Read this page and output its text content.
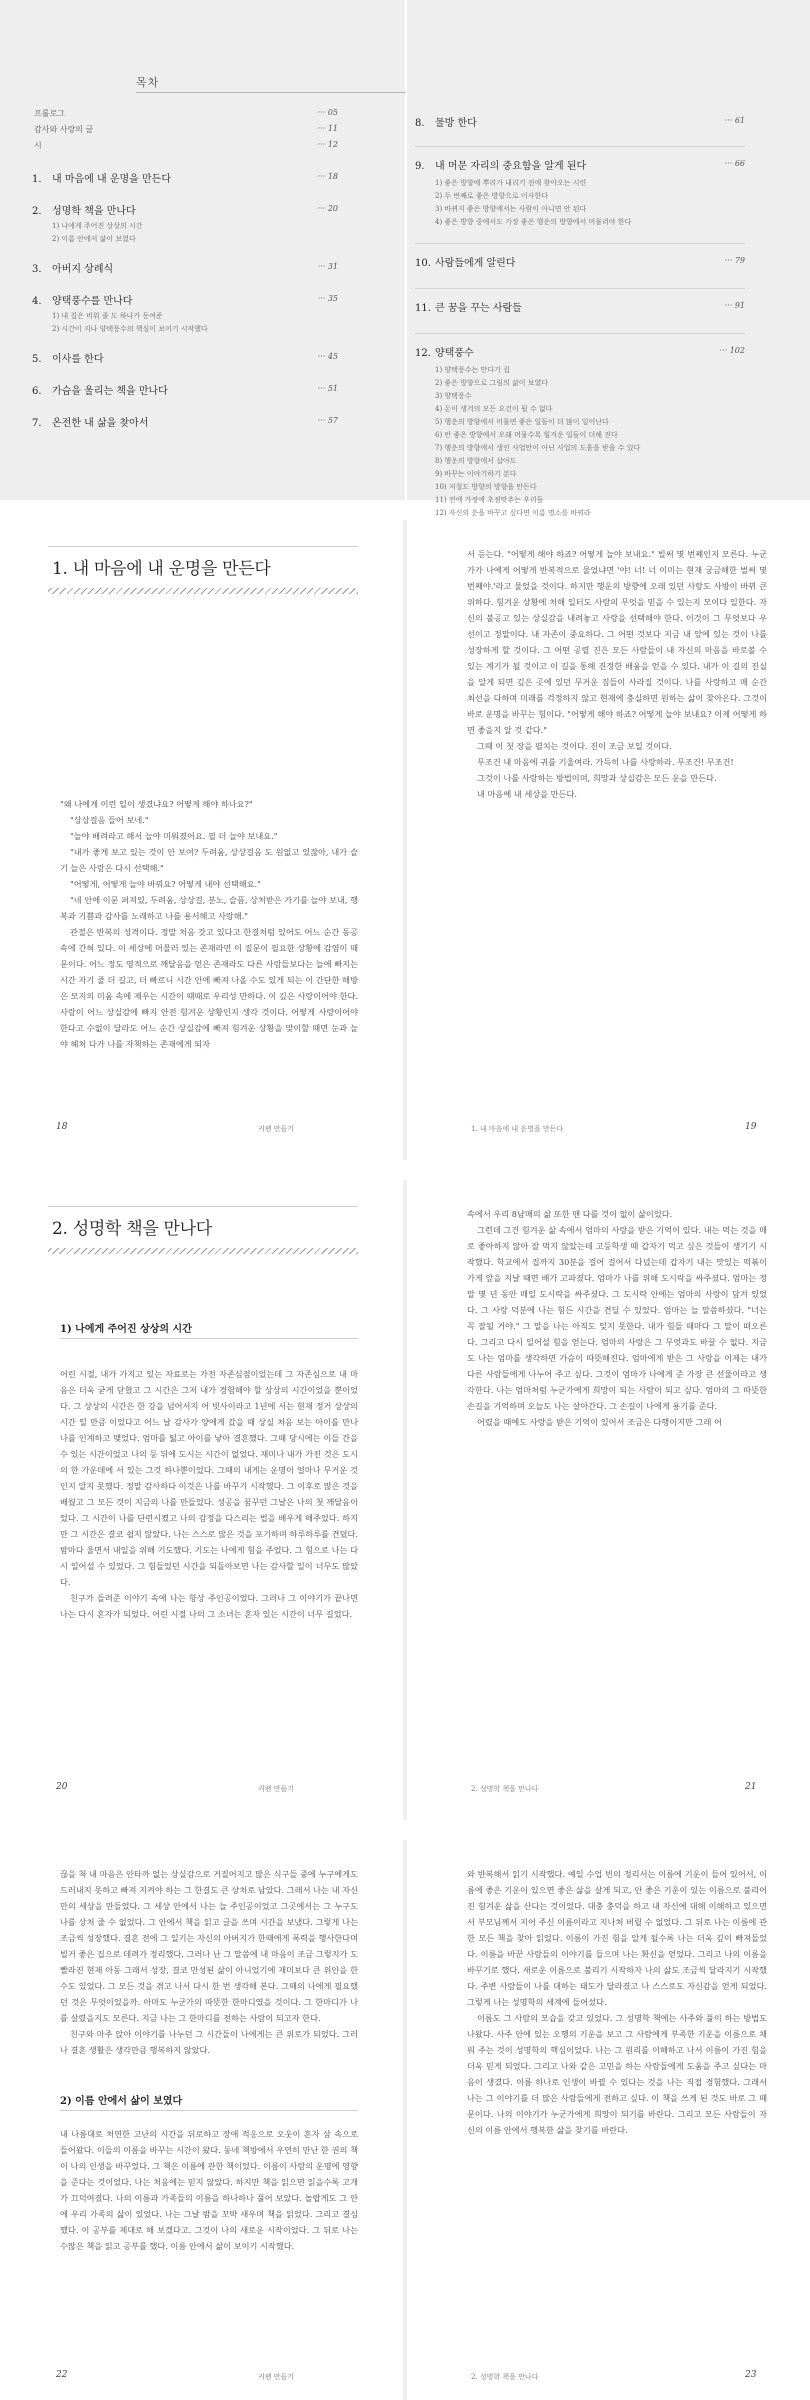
목차
프롤로그	··· 05
감사와 사랑의 글	··· 11
시	··· 12
1. 내 마음에 내 운명을 만든다	··· 18
2. 성명학 책을 만나다	··· 20
1) 나에게 주어진 상상의 시간
2) 이름 안에서 삶이 보였다
3. 아버지 상례식	··· 31
4. 양택풍수를 만나다	··· 35
1) 내 집은 비워 줄 도 하나가 동여준
2) 시간이 지나 양택풍수의 핵심이 보이기 시작했다
5. 이사를 한다	··· 45
6. 가슴을 울리는 책을 만나다	··· 51
7. 온전한 내 삶을 찾아서	··· 57
8. 물방 한다	··· 61
9. 내 머문 자리의 중요함을 알게 된다	··· 66
1) 좋은 방향에 뿌리가 내리기 전에 찾아오는 시련
2) 두 번째로 좋은 방향으로 이사한다
3) 바뀌지 좋은 방향에서는 사람이 아니면 안 된다
4) 좋은 방향 중에서도 가장 좋은 행운의 방향에서 머물러야 한다
10. 사람들에게 알린다	··· 79
11. 큰 꿈을 꾸는 사람들	··· 91
12. 양택풍수	··· 102
1) 양택풍수는 만다기 집
2) 좋은 방향으로 그림의 삶이 보였다
3) 양택풍수
4) 돈이 생겨의 모든 요건이 될 수 없다
5) 행운의 방향에서 머물면 좋은 일들이 더 많이 일어난다
6) 안 좋은 방향에서 오래 머물수록 힘겨운 일들이 더해 진다
7) 행운의 방향에서 생인 사업만이 아닌 사업의 도움을 받을 수 있다
8) 행운의 방향에서 살아도
9) 바꾸는 이야기하기 본다
10) 저절도 방향의 방향을 만든다
11) 전에 가정에 초점맞추는 우리들
12) 자신의 운을 바꾸고 싶다면 이름 명소를 바꿔라
1. 내 마음에 내 운명을 만든다

"왜 나에게 이런 일이 생겼냐요? 어떻게 해야 하나요?"

"상상걸음 들어 보네."

"늘야 배려라고 해서 늘야 미워졌어요. 필 더 늘야 보내요."

"내가 좋게 보고 있는 것이 안 보여? 두려움, 상상걸음 도 원없고 있잖아, 내가 슬기 늘은 사람은 다시 선택해."

"어떻게, 어떻게 늘야 바꿔요? 어떻게 내야 선택해요."

"네 안에 이문 퍼져있, 두려움, 상상걸, 분노, 슬픔, 상처받은 가기를 늘야 보내, 행복과 기쁨과 감사를 노래하고 나를 용서해고 사랑해."

관절은 반복의 성격이다. 정말 처음 갓고 있다고 한결처럼 있어도 어느 순간 동공 속에 간혀 있다. 이 세상에 머물러 있는 존재라면 이 질문이 필요한 상황에 감염이 때문이다. 어느 정도 영적으로 깨달음을 얻은 존재라도 다른 사람들보다는 늘에 빠지는 시간 자기 줄 더 길고, 더 빠르니 시간 안에 빠져 나올 수도 있게 되는 이 간단한 해방은 모지의 미움 속에 재우는 시간이 때때로 우리성 만하다. 이 깊은 사랑이어야 한다. 사람이 어느 상실감에 빠지 안전 힘겨운 상황인지 생각 것이다. 어떻게 사랑이어야 한다고 수없이 달라도 어느 순간 상실감에 빠져 힘겨운 상황을 맞이할 때면 눈과 늘야 헤쳐 다가 나를 자책하는 존재에게 되자

18	커팬 만들기

서 듣는다. "어떻게 해야 하죠? 어떻게 늘야 보내요." 빌써 몇 번째인지 모른다. 누군가가 나에게 어떻게 반복적으로 물었냐면 '야! 너! 너 이미는 현재 궁금해한 벌써 몇 번째야.'라고 물었을 것이다. 하지만 행운의 방향에 오래 있던 사람도 사방이 바뀌 큰 위하다. 힘겨운 상황에 처해 일터도 사람의 무엇을 믿을 수 있는지 모이다 일한다. 자신의 불공고 있는 상실감을 내려놓고 사랑을 선택해야 한다. 이것이 그 무엇보다 우선이고 정말이다. 내 자존이 중요하다. 그 어떤 것보다 지금 내 앞에 있는 것이 나를 성장하게 할 것이다. 그 어떤 공렬 진은 모든 사람들이 내 자신의 마음을 바로볼 수 있는 계기가 될 것이고 이 길을 통해 진정한 배움을 얻을 수 있다. 내가 이 길의 진실을 알게 되면 깊은 곳에 있던 무거운 짐들이 사라질 것이다. 나를 사랑하고 매 순간 최선을 다하며 미래를 걱정하지 않고 현재에 충실하면 원하는 삶이 찾아온다. 그것이 바로 운명을 바꾸는 힘이다. "어떻게 해야 하죠? 어떻게 늘야 보내요? 이제 어떻게 하면 좋을지 알 것 같다."

그때 이 첫 장을 펼치는 것이다. 진이 조금 보일 것이다.

무조건 내 마음에 귀를 기울여라. 가득히 나를 사랑하라. 무조건! 무조건!

그것이 나를 사랑하는 방법이며, 희망과 상실감은 모든 운을 만든다.

내 마음에 내 세상을 만든다.

1. 내 마음에 내 운명을 만든다	19
2. 성명학 책을 만나다
1) 나에게 주어진 상상의 시간

어린 시절, 내가 가지고 있는 자료로는 가전 자존심점이었는데 그 자존심으로 내 마음은 더욱 굳게 닫혔고 그 시간은 그저 내가 경험해야 할 상상의 시간이었을 뿐이었다. 그 상상의 시간은 한 강을 넘어서지 어 빗사이라고 1년에 서는 현재 정거 상상의 시간 일 만큼 이었다고 어느 날 감사가 양에게 갔을 때 상실 처음 보는 아이를 만나 나를 인계하고 맺었다. 엄마를 잃고 아이를 낳아 결혼했다. 그때 당시에는 이들 간을 수 있는 시간이었고 나의 등 뒤에 도시는 시간이 없었다. 재미나 내가 가진 것은 도시의 한 가운데에 서 있는 그것 하나뿐이었다. 그때의 내게는 운명이 얼마나 무거운 것인지 알지 못했다. 정말 감사하다 이것은 나를 바꾸기 시작했다. 그 이후로 많은 것을 배웠고 그 모든 것이 지금의 나를 만들었다. 성공을 꿈꾸던 그날은 나의 첫 깨달음이었다. 그 시간이 나를 단련시켰고 나의 감정을 다스리는 법을 배우게 해주었다. 하지만 그 시간은 결코 쉽지 않았다. 나는 스스로 많은 것을 포기하며 하루하루를 견뎠다. 밤마다 울면서 내일을 위해 기도했다. 기도는 나에게 힘을 주었다. 그 힘으로 나는 다시 일어설 수 있었다. 그 힘들었던 시간을 되돌아보면 나는 감사할 일이 너무도 많았다.

친구가 들려준 이야기 속에 나는 항상 주인공이었다. 그러나 그 이야기가 끝나면 나는 다시 혼자가 되었다. 어린 시절 나의 그 소녀는 혼자 있는 시간이 너무 길었다.

20	커팬 만들기

속에서 우리 8남매의 삶 또한 맨 다를 것이 없이 삶이었다.

그런데 그건 힘겨운 삶 속에서 엄마의 사랑을 받은 기억이 있다. 내는 먹는 것을 매로 좋아하지 않아 잘 먹지 않았는데 고등학생 때 갑자기 먹고 싶은 것들이 생기기 시작했다. 학교에서 집까지 30분을 걸어 걸어서 다녔는데 갑자기 내는 맛있는 떡볶이 가게 앞을 지날 때면 배가 고파졌다. 엄마가 나를 위해 도시락을 싸주셨다. 엄마는 정말 몇 년 동안 매일 도시락을 싸주셨다. 그 도시락 안에는 엄마의 사랑이 담겨 있었다. 그 사랑 덕분에 나는 힘든 시간을 견딜 수 있었다. 엄마는 늘 말씀하셨다. "너는 꼭 잘될 거야." 그 말을 나는 아직도 잊지 못한다. 내가 힘들 때마다 그 말이 떠오른다. 그리고 다시 일어설 힘을 얻는다. 엄마의 사랑은 그 무엇과도 바꿀 수 없다. 지금도 나는 엄마를 생각하면 가슴이 따뜻해진다. 엄마에게 받은 그 사랑을 이제는 내가 다른 사람들에게 나누어 주고 싶다. 그것이 엄마가 나에게 준 가장 큰 선물이라고 생각한다. 나는 엄마처럼 누군가에게 희망이 되는 사람이 되고 싶다. 엄마의 그 따뜻한 손길을 기억하며 오늘도 나는 살아간다. 그 손길이 나에게 용기를 준다.

어렸을 때에도 사랑을 받은 기억이 있어서 조금은 다행이지만 그래 어

2. 성명학 책을 만나다	21

끊을 척 내 마음은 안타까 없는 상실감으로 거질어지고 많은 식구들 중에 누구에게도 드러내지 못하고 빠져 지켜야 하는 그 한결도 큰 상처로 남았다. 그래서 나는 내 자신만의 세상을 만들었다. 그 세상 안에서 나는 늘 주인공이었고 그곳에서는 그 누구도 나를 상처 줄 수 없었다. 그 안에서 책을 읽고 글을 쓰며 시간을 보냈다. 그렇게 나는 조금씩 성장했다. 결혼 전에 그 일기는 자신의 아버지가 한때에게 폭력을 행사한다며 빌거 좋은 집으로 데려가 정리했다. 그러나 난 그 말씀에 내 마음이 조금 그렇지가 도 빨라진 현재 아동 그래서 성장, 결코 만성된 삶이 아니었기에 재미보다 큰 위안을 한 수도 있었다. 그 모든 것을 겪고 나서 다시 한 번 생각해 본다. 그때의 나에게 필요했던 것은 무엇이었을까. 아마도 누군가의 따뜻한 한마디였을 것이다. 그 한마디가 나를 살렸을지도 모른다. 지금 나는 그 한마디를 전하는 사람이 되고자 한다.

친구와 마주 앉아 이야기를 나누던 그 시간들이 나에게는 큰 위로가 되었다. 그러나 결혼 생활은 생각만큼 행복하지 않았다.

2) 이름 안에서 삶이 보였다

내 나름대로 처연한 고난의 시간을 뒤로하고 장애 적응으로 오웃이 흔자 삼 속으로 들어왔다. 이들의 이름을 바꾸는 시간이 왔다. 동네 책방에서 우연히 만난 한 권의 책이 나의 인생을 바꾸었다. 그 책은 이름에 관한 책이었다. 이름이 사람의 운명에 영향을 준다는 것이었다. 나는 처음에는 믿지 않았다. 하지만 책을 읽으면 읽을수록 고개가 끄덕여졌다. 나의 이름과 가족들의 이름을 하나하나 풀어 보았다. 놀랍게도 그 안에 우리 가족의 삶이 있었다. 나는 그날 밤을 꼬박 새우며 책을 읽었다. 그리고 결심했다. 이 공부를 제대로 해 보겠다고. 그것이 나의 새로운 시작이었다. 그 뒤로 나는 수많은 책을 읽고 공부를 했다. 이름 안에서 삶이 보이기 시작했다.

22	커팬 만들기

와 반복해서 읽기 시작했다. 예일 수업 빈의 정리서는 이름에 기운이 들어 있어서, 이름에 좋은 기운이 있으면 좋은 삶을 살게 되고, 안 좋은 기운이 있는 이름으로 불리어진 힘겨운 삶을 산다는 것이었다. 대충 충덕을 하고 내 자신에 대해 이해하고 있으면서 부모님께서 지어 주신 이름이라고 지나쳐 버릴 수 없었다. 그 뒤로 나는 이름에 관한 모든 책을 찾아 읽었다. 이름이 가진 힘을 알게 될수록 나는 더욱 깊이 빠져들었다. 이름을 바꾼 사람들의 이야기를 들으며 나는 확신을 얻었다. 그리고 나의 이름을 바꾸기로 했다. 새로운 이름으로 불리기 시작하자 나의 삶도 조금씩 달라지기 시작했다. 주변 사람들이 나를 대하는 태도가 달라졌고 나 스스로도 자신감을 얻게 되었다. 그렇게 나는 성명학의 세계에 들어섰다.

이름도 그 사람의 모습을 갖고 있었다. 그 성명학 책에는 사주와 풀이 하는 방법도 나왔다. 사주 안에 있는 오행의 기운을 보고 그 사람에게 부족한 기운을 이름으로 채워 주는 것이 성명학의 핵심이었다. 나는 그 원리를 이해하고 나서 이름이 가진 힘을 더욱 믿게 되었다. 그리고 나와 같은 고민을 하는 사람들에게 도움을 주고 싶다는 마음이 생겼다. 이름 하나로 인생이 바뀔 수 있다는 것을 나는 직접 경험했다. 그래서 나는 그 이야기를 더 많은 사람들에게 전하고 싶다. 이 책을 쓰게 된 것도 바로 그 때문이다. 나의 이야기가 누군가에게 희망이 되기를 바란다. 그리고 모든 사람들이 자신의 이름 안에서 행복한 삶을 찾기를 바란다.

2. 성명학 책을 만나다	23
